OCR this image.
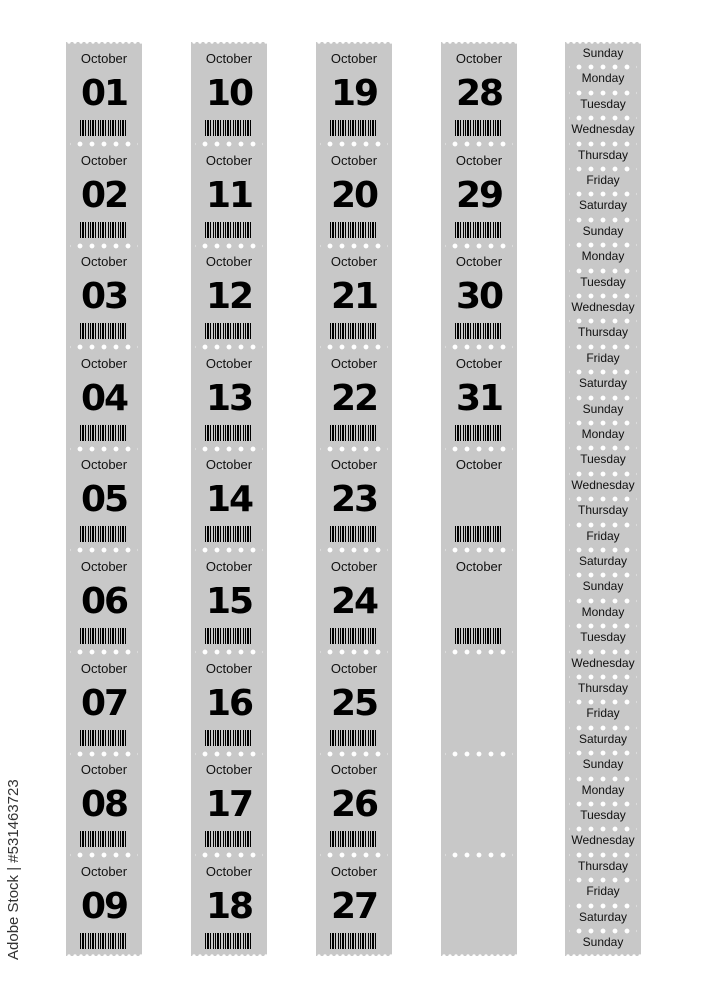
October
01
October
02
October
03
October
04
October
05
October
06
October
07
October
08
October
09
October
10
October
11
October
12
October
13
October
14
October
15
October
16
October
17
October
18
October
19
October
20
October
21
October
22
October
23
October
24
October
25
October
26
October
27
October
28
October
29
October
30
October
31
October
October
Sunday
Monday
Tuesday
Wednesday
Thursday
Friday
Saturday
Sunday
Monday
Tuesday
Wednesday
Thursday
Friday
Saturday
Sunday
Monday
Tuesday
Wednesday
Thursday
Friday
Saturday
Sunday
Monday
Tuesday
Wednesday
Thursday
Friday
Saturday
Sunday
Monday
Tuesday
Wednesday
Thursday
Friday
Saturday
Sunday
Adobe Stock | #531463723
